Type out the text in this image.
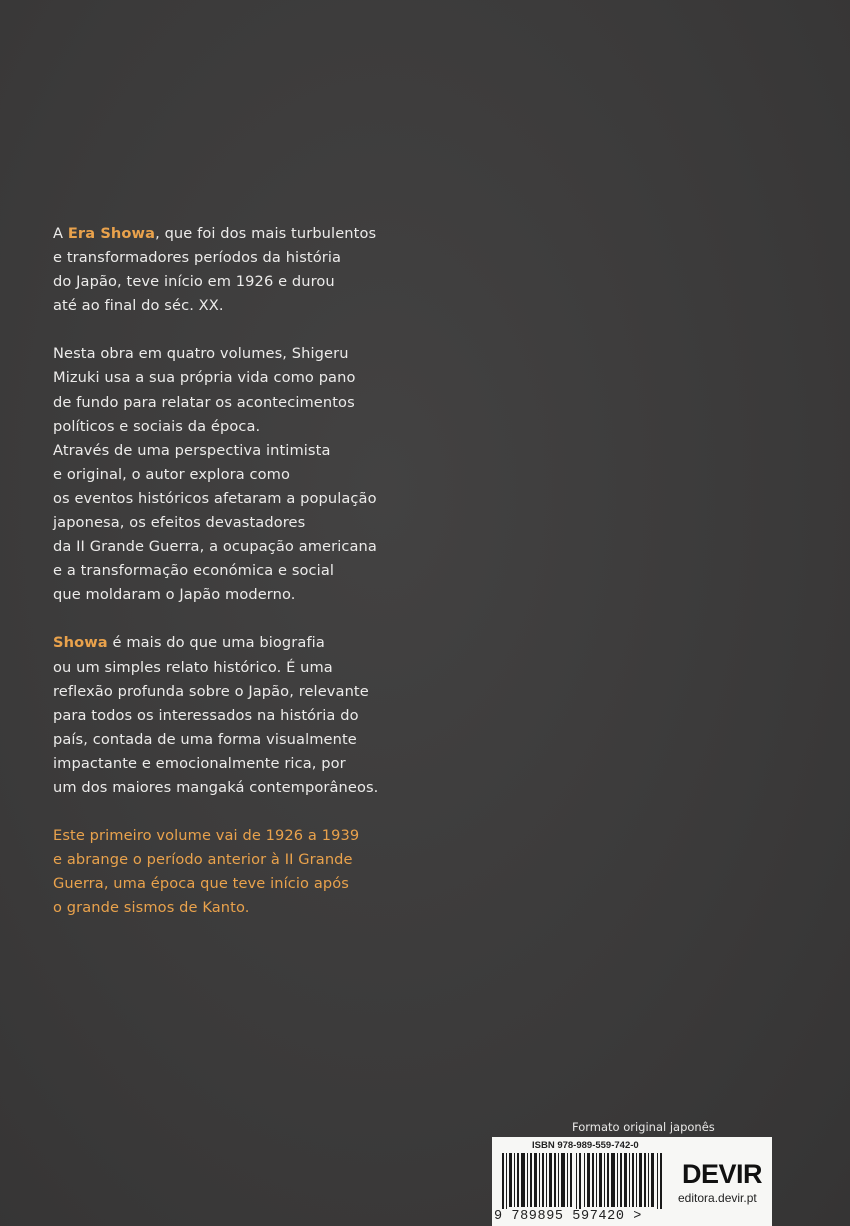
A Era Showa, que foi dos mais turbulentos
e transformadores períodos da história
do Japão, teve início em 1926 e durou
até ao final do séc. XX.

Nesta obra em quatro volumes, Shigeru
Mizuki usa a sua própria vida como pano
de fundo para relatar os acontecimentos
políticos e sociais da época.
Através de uma perspectiva intimista
e original, o autor explora como
os eventos históricos afetaram a população
japonesa, os efeitos devastadores
da II Grande Guerra, a ocupação americana
e a transformação económica e social
que moldaram o Japão moderno.

Showa é mais do que uma biografia
ou um simples relato histórico. É uma
reflexão profunda sobre o Japão, relevante
para todos os interessados na história do
país, contada de uma forma visualmente
impactante e emocionalmente rica, por
um dos maiores mangaká contemporâneos.

Este primeiro volume vai de 1926 a 1939
e abrange o período anterior à II Grande
Guerra, uma época que teve início após
o grande sismos de Kanto.

Formato original japonês
ISBN 978-989-559-742-0
9 789895 597420 >
DEVIR
editora.devir.pt
